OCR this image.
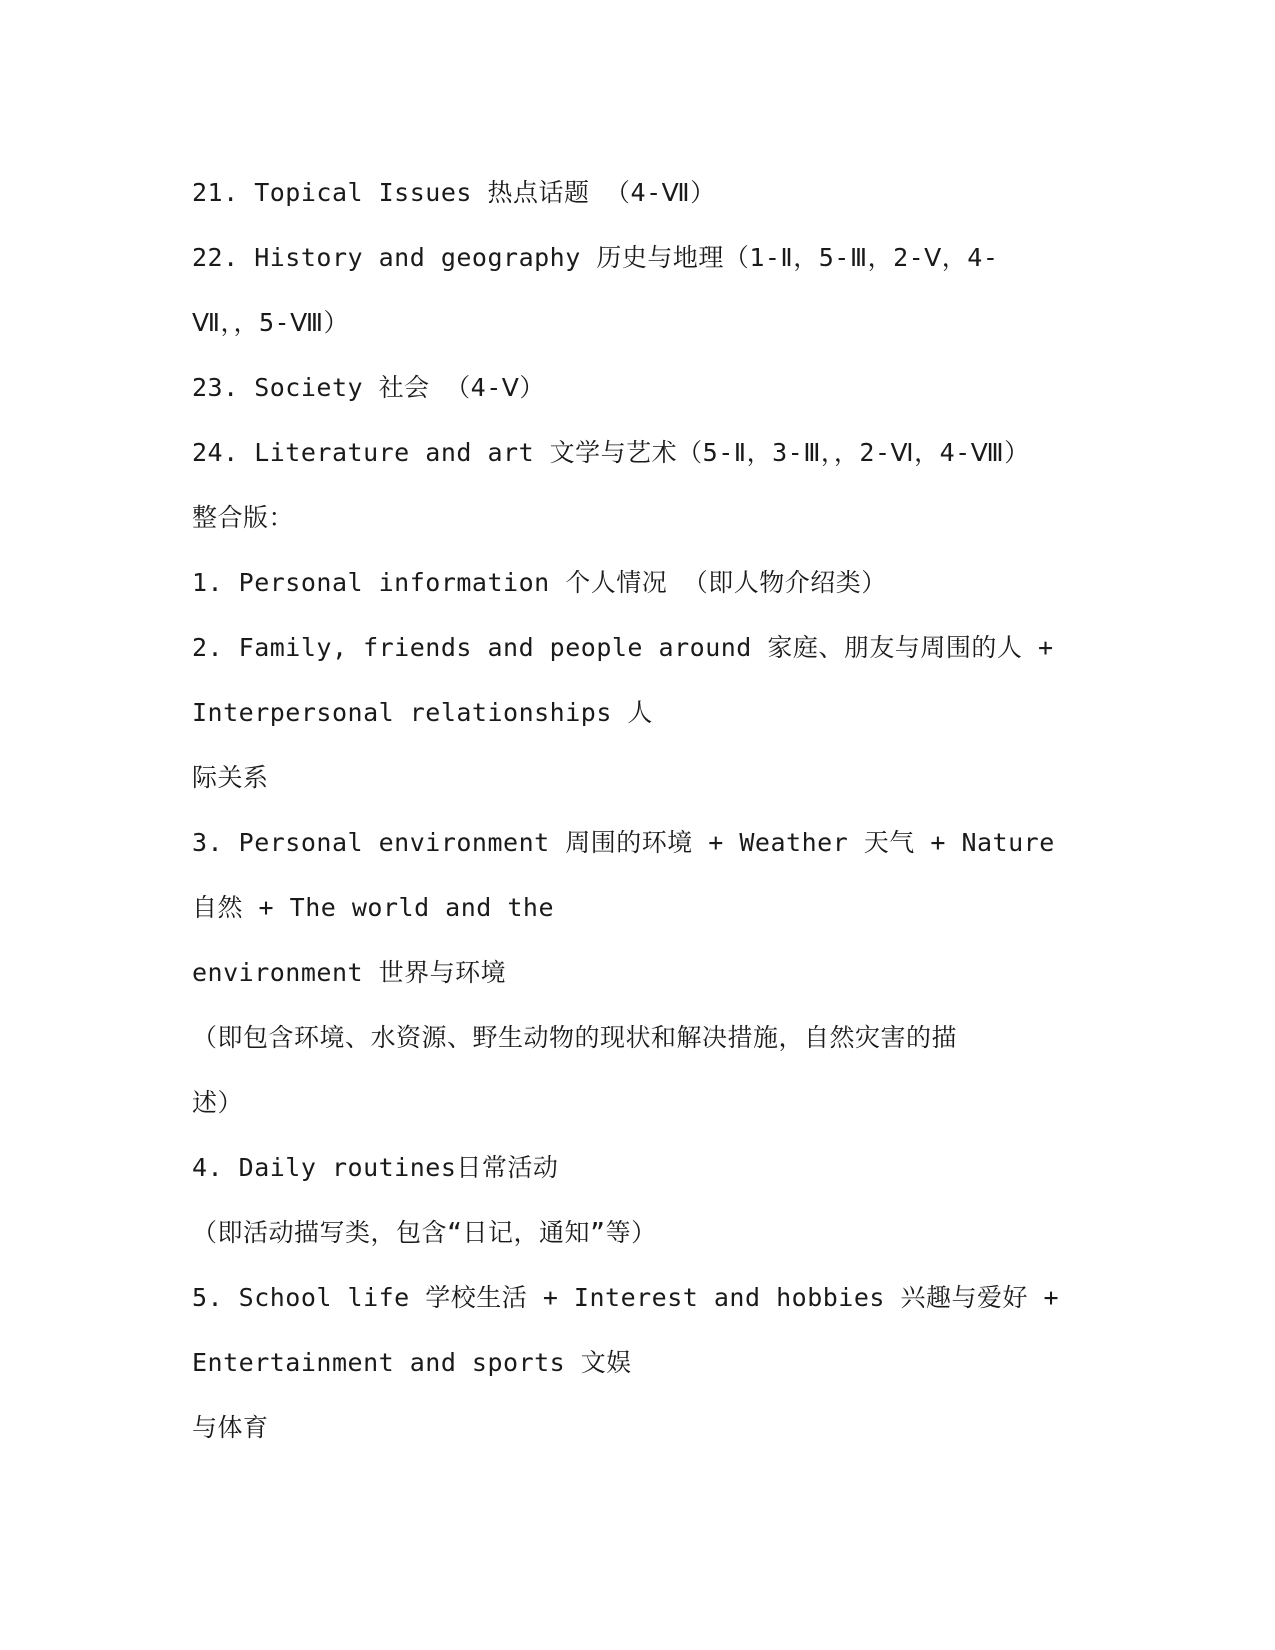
21. Topical Issues 热点话题 （4-Ⅶ）
22. History and geography 历史与地理（1-Ⅱ，5-Ⅲ，2-Ⅴ，4-
Ⅶ，，5-Ⅷ）
23. Society 社会 （4-Ⅴ）
24. Literature and art 文学与艺术（5-Ⅱ，3-Ⅲ，，2-Ⅵ，4-Ⅷ）
整合版：
1. Personal information 个人情况 （即人物介绍类）
2. Family, friends and people around 家庭、朋友与周围的人 +
Interpersonal relationships 人
际关系
3. Personal environment 周围的环境 + Weather 天气 + Nature
自然 + The world and the
environment 世界与环境
（即包含环境、水资源、野生动物的现状和解决措施，自然灾害的描
述）
4. Daily routines日常活动
（即活动描写类，包含“日记，通知”等）
5. School life 学校生活 + Interest and hobbies 兴趣与爱好 +
Entertainment and sports 文娱
与体育
